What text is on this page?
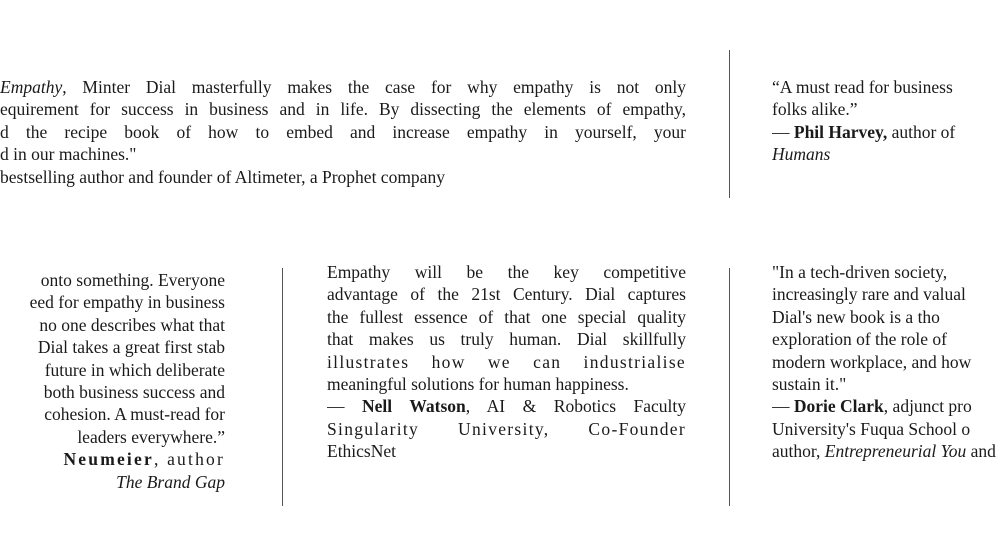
Empathy, Minter Dial masterfully makes the case for why empathy is not only
equirement for success in business and in life. By dissecting the elements of empathy,
d the recipe book of how to embed and increase empathy in yourself, your
d in our machines."
bestselling author and founder of Altimeter, a Prophet company
“A must read for business
folks alike.”
— Phil Harvey, author of
Humans
onto something. Everyone
eed for empathy in business
no one describes what that
Dial takes a great first stab
future in which deliberate
both business success and
cohesion. A must-read for
leaders everywhere.”
Neumeier, author
The Brand Gap
Empathy will be the key competitive
advantage of the 21st Century. Dial captures
the fullest essence of that one special quality
that makes us truly human. Dial skillfully
illustrates how we can industrialise
meaningful solutions for human happiness.
— Nell Watson, AI & Robotics Faculty
Singularity University, Co-Founder
EthicsNet
"In a tech-driven society,
increasingly rare and valual
Dial's new book is a tho
exploration of the role of
modern workplace, and how
sustain it."
— Dorie Clark, adjunct pro
University's Fuqua School o
author, Entrepreneurial You and
